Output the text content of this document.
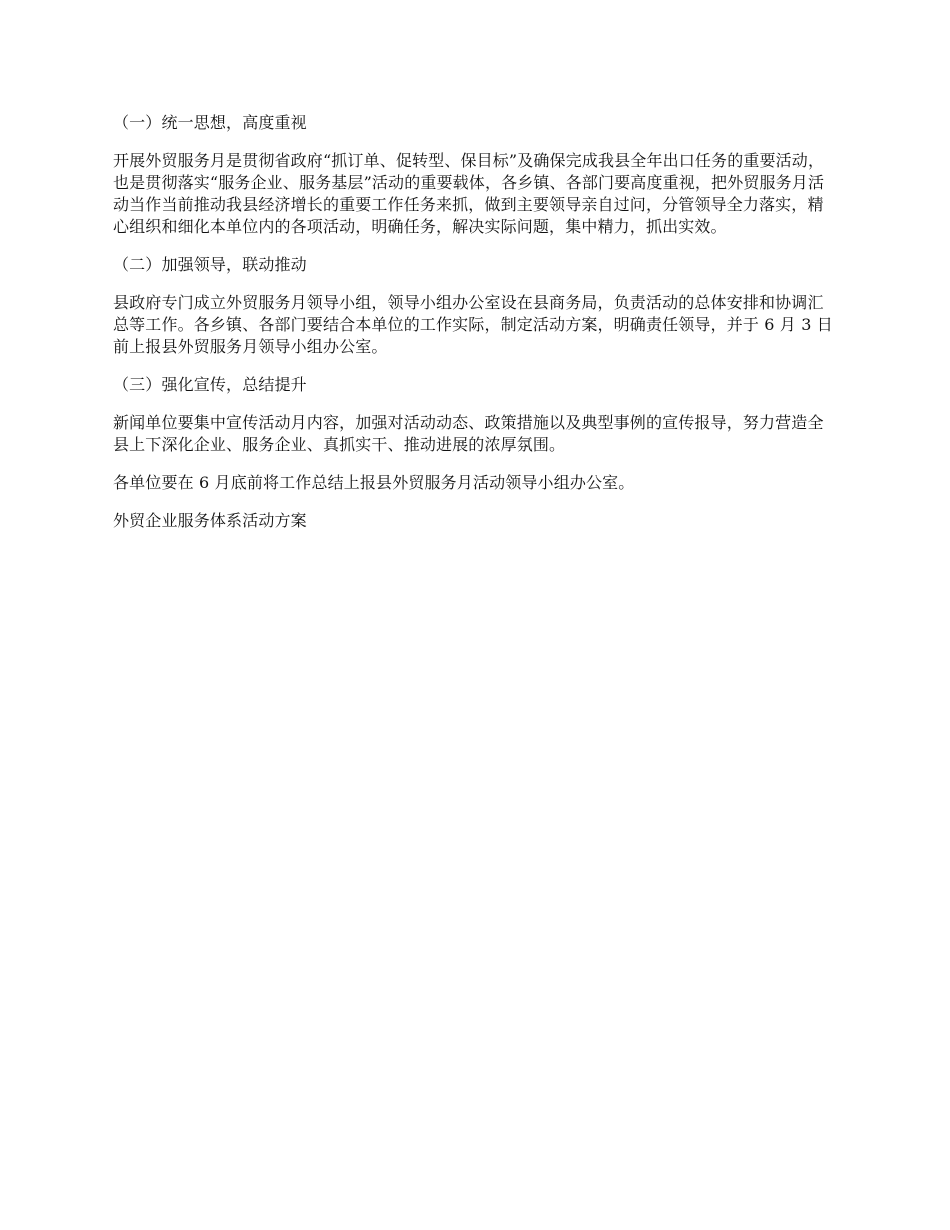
（一）统一思想，高度重视

开展外贸服务月是贯彻省政府“抓订单、促转型、保目标”及确保完成我县全年出口任务的重要活动，也是贯彻落实“服务企业、服务基层”活动的重要载体，各乡镇、各部门要高度重视，把外贸服务月活动当作当前推动我县经济增长的重要工作任务来抓，做到主要领导亲自过问，分管领导全力落实，精心组织和细化本单位内的各项活动，明确任务，解决实际问题，集中精力，抓出实效。

（二）加强领导，联动推动

县政府专门成立外贸服务月领导小组，领导小组办公室设在县商务局，负责活动的总体安排和协调汇总等工作。各乡镇、各部门要结合本单位的工作实际，制定活动方案，明确责任领导，并于 6 月 3 日前上报县外贸服务月领导小组办公室。

（三）强化宣传，总结提升

新闻单位要集中宣传活动月内容，加强对活动动态、政策措施以及典型事例的宣传报导，努力营造全县上下深化企业、服务企业、真抓实干、推动进展的浓厚氛围。

各单位要在 6 月底前将工作总结上报县外贸服务月活动领导小组办公室。

外贸企业服务体系活动方案
